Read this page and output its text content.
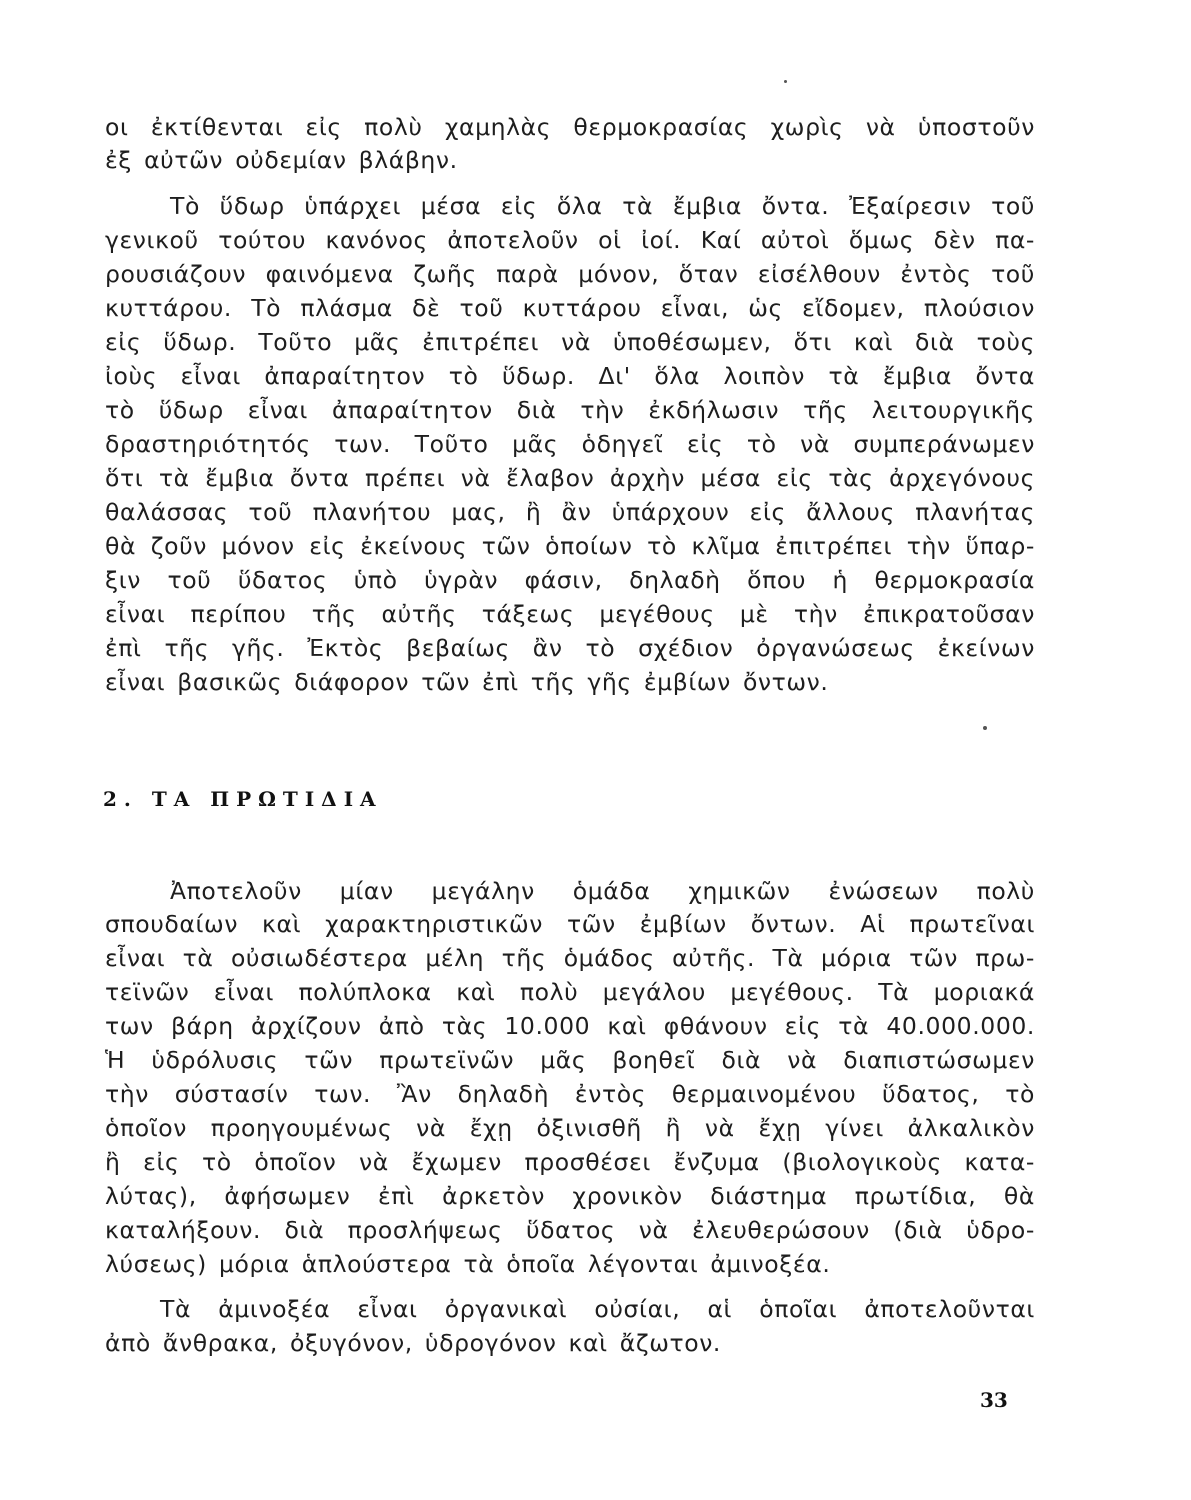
οι ἐκτίθενται εἰς πολὺ χαμηλὰς θερμοκρασίας χωρὶς νὰ ὑποστοῦν
ἐξ αὐτῶν οὐδεμίαν βλάβην.
Τὸ ὕδωρ ὑπάρχει μέσα εἰς ὅλα τὰ ἔμβια ὄντα. Ἐξαίρεσιν τοῦ
γενικοῦ τούτου κανόνος ἀποτελοῦν οἱ ἰοί. Καί αὐτοὶ ὅμως δὲν πα-
ρουσιάζουν φαινόμενα ζωῆς παρὰ μόνον, ὅταν εἰσέλθουν ἐντὸς τοῦ
κυττάρου. Τὸ πλάσμα δὲ τοῦ κυττάρου εἶναι, ὡς εἴδομεν, πλούσιον
εἰς ὕδωρ. Τοῦτο μᾶς ἐπιτρέπει νὰ ὑποθέσωμεν, ὅτι καὶ διὰ τοὺς
ἰοὺς εἶναι ἀπαραίτητον τὸ ὕδωρ. Δι' ὅλα λοιπὸν τὰ ἔμβια ὄντα
τὸ ὕδωρ εἶναι ἀπαραίτητον διὰ τὴν ἐκδήλωσιν τῆς λειτουργικῆς
δραστηριότητός των. Τοῦτο μᾶς ὁδηγεῖ εἰς τὸ νὰ συμπεράνωμεν
ὅτι τὰ ἔμβια ὄντα πρέπει νὰ ἔλαβον ἀρχὴν μέσα εἰς τὰς ἀρχεγόνους
θαλάσσας τοῦ πλανήτου μας, ἢ ἂν ὑπάρχουν εἰς ἄλλους πλανήτας
θὰ ζοῦν μόνον εἰς ἐκείνους τῶν ὁποίων τὸ κλῖμα ἐπιτρέπει τὴν ὕπαρ-
ξιν τοῦ ὕδατος ὑπὸ ὑγρὰν φάσιν, δηλαδὴ ὅπου ἡ θερμοκρασία
εἶναι περίπου τῆς αὐτῆς τάξεως μεγέθους μὲ τὴν ἐπικρατοῦσαν
ἐπὶ τῆς γῆς. Ἐκτὸς βεβαίως ἂν τὸ σχέδιον ὀργανώσεως ἐκείνων
εἶναι βασικῶς διάφορον τῶν ἐπὶ τῆς γῆς ἐμβίων ὄντων.
2. ΤΑ ΠΡΩΤΙΔΙΑ
Ἀποτελοῦν μίαν μεγάλην ὁμάδα χημικῶν ἐνώσεων πολὺ
σπουδαίων καὶ χαρακτηριστικῶν τῶν ἐμβίων ὄντων. Αἱ πρωτεῖναι
εἶναι τὰ οὐσιωδέστερα μέλη τῆς ὁμάδος αὐτῆς. Τὰ μόρια τῶν πρω-
τεϊνῶν εἶναι πολύπλοκα καὶ πολὺ μεγάλου μεγέθους. Τὰ μοριακά
των βάρη ἀρχίζουν ἀπὸ τὰς 10.000 καὶ φθάνουν εἰς τὰ 40.000.000.
Ἡ ὑδρόλυσις τῶν πρωτεϊνῶν μᾶς βοηθεῖ διὰ νὰ διαπιστώσωμεν
τὴν σύστασίν των. Ἂν δηλαδὴ ἐντὸς θερμαινομένου ὕδατος, τὸ
ὁποῖον προηγουμένως νὰ ἔχῃ ὀξινισθῆ ἢ νὰ ἔχῃ γίνει ἀλκαλικὸν
ἢ εἰς τὸ ὁποῖον νὰ ἔχωμεν προσθέσει ἔνζυμα (βιολογικοὺς κατα-
λύτας), ἀφήσωμεν ἐπὶ ἀρκετὸν χρονικὸν διάστημα πρωτίδια, θὰ
καταλήξουν. διὰ προσλήψεως ὕδατος νὰ ἐλευθερώσουν (διὰ ὑδρο-
λύσεως) μόρια ἁπλούστερα τὰ ὁποῖα λέγονται ἀμινοξέα.
Τὰ ἀμινοξέα εἶναι ὀργανικαὶ οὐσίαι, αἱ ὁποῖαι ἀποτελοῦνται
ἀπὸ ἄνθρακα, ὀξυγόνον, ὑδρογόνον καὶ ἄζωτον.
33
